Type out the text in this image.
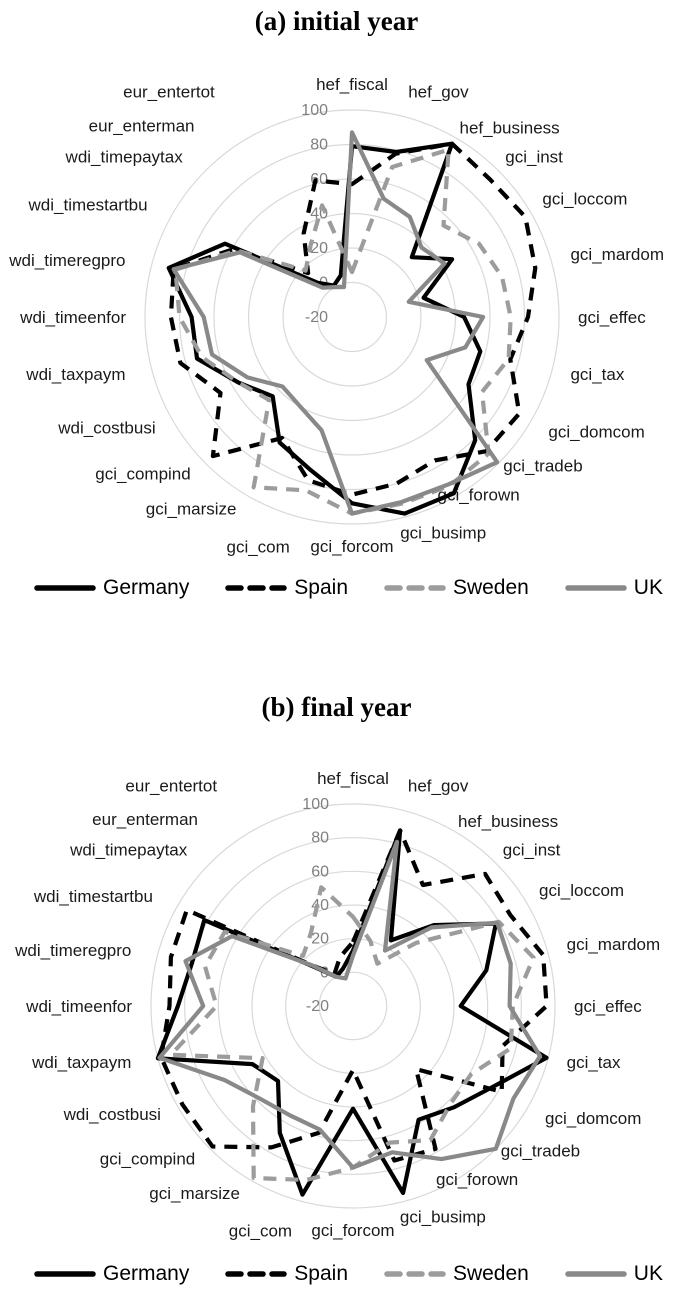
(a) initial year
(b) final year
100
80
60
40
20
0
-20
hef_fiscal hef_gov
hef_business
gci_inst
gci_loccom
gci_mardom
gci_effec
gci_tax
gci_domcom
gci_tradeb
gci_forown
gci_busimp
gci_forcom
gci_com
gci_marsize
gci_compind
wdi_costbusi
wdi_taxpaym
wdi_timeenfor
wdi_timeregpro
wdi_timestartbu
wdi_timepaytax
eur_enterman
eur_entertot
100
80
60
40
20
0
-20
hef_fiscal hef_gov
hef_business
gci_inst
gci_loccom
gci_mardom
gci_effec
gci_tax
gci_domcom
gci_tradeb
gci_forown
gci_busimp
gci_forcom
gci_com
gci_marsize
gci_compind
wdi_costbusi
wdi_taxpaym
wdi_timeenfor
wdi_timeregpro
wdi_timestartbu
wdi_timepaytax
eur_enterman
eur_entertot
Germany	Spain	Sweden	UK
Germany	Spain	Sweden	UK
